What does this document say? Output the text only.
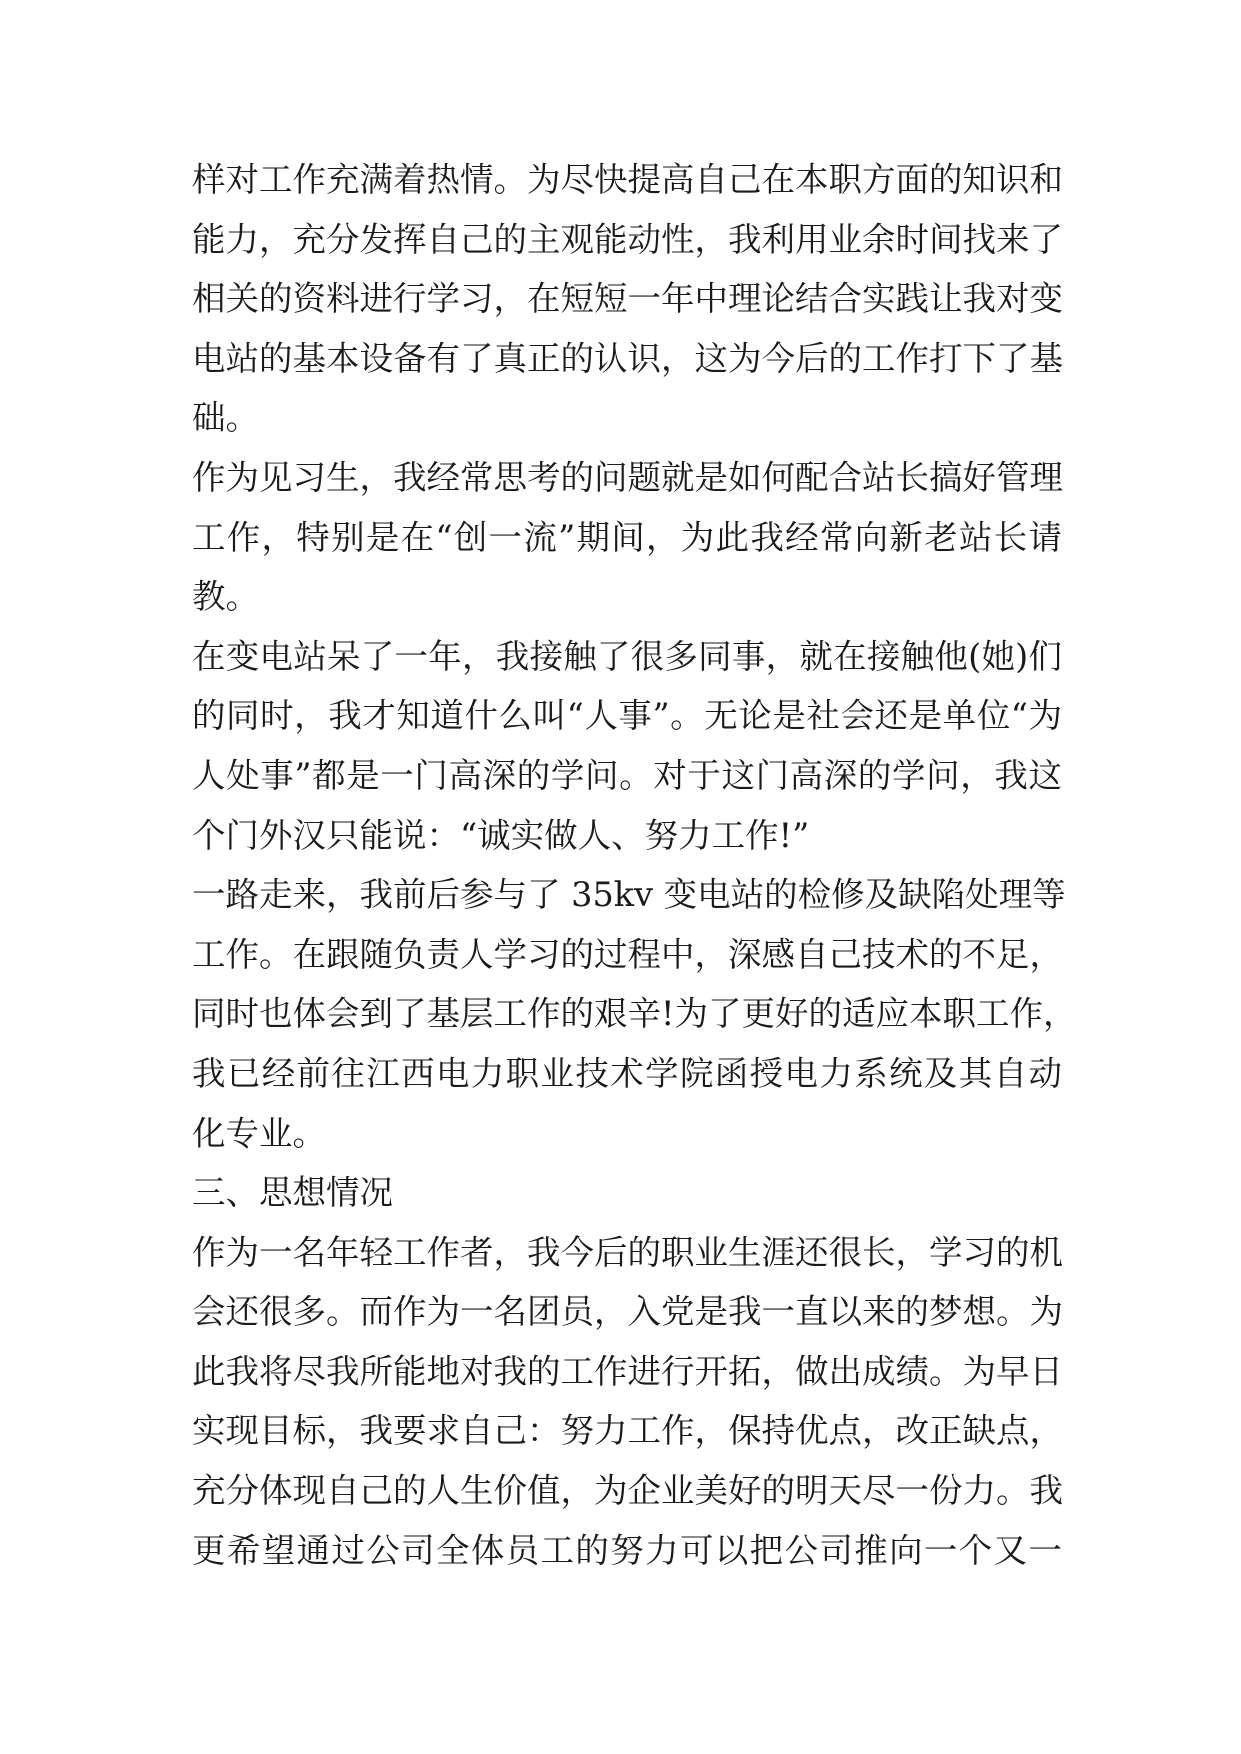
样对工作充满着热情。为尽快提高自己在本职方面的知识和
能力，充分发挥自己的主观能动性，我利用业余时间找来了
相关的资料进行学习，在短短一年中理论结合实践让我对变
电站的基本设备有了真正的认识，这为今后的工作打下了基
础。
作为见习生，我经常思考的问题就是如何配合站长搞好管理
工作，特别是在“创一流”期间，为此我经常向新老站长请
教。
在变电站呆了一年，我接触了很多同事，就在接触他(她)们
的同时，我才知道什么叫“人事”。无论是社会还是单位“为
人处事”都是一门高深的学问。对于这门高深的学问，我这
个门外汉只能说：“诚实做人、努力工作!”
一路走来，我前后参与了 35kv 变电站的检修及缺陷处理等
工作。在跟随负责人学习的过程中，深感自己技术的不足，
同时也体会到了基层工作的艰辛!为了更好的适应本职工作，
我已经前往江西电力职业技术学院函授电力系统及其自动
化专业。
三、思想情况
作为一名年轻工作者，我今后的职业生涯还很长，学习的机
会还很多。而作为一名团员，入党是我一直以来的梦想。为
此我将尽我所能地对我的工作进行开拓，做出成绩。为早日
实现目标，我要求自己：努力工作，保持优点，改正缺点，
充分体现自己的人生价值，为企业美好的明天尽一份力。我
更希望通过公司全体员工的努力可以把公司推向一个又一
